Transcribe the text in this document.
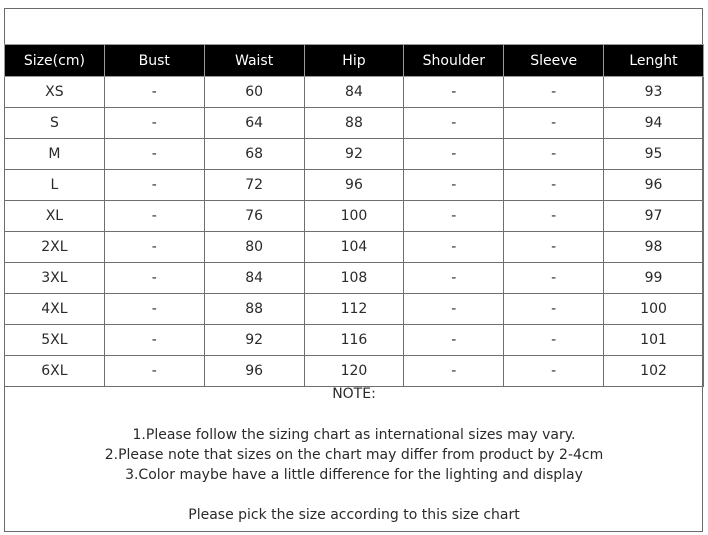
Size(cm)	Bust	Waist	Hip	Shoulder	Sleeve	Lenght
XS	-	60	84	-	-	93
S	-	64	88	-	-	94
M	-	68	92	-	-	95
L	-	72	96	-	-	96
XL	-	76	100	-	-	97
2XL	-	80	104	-	-	98
3XL	-	84	108	-	-	99
4XL	-	88	112	-	-	100
5XL	-	92	116	-	-	101
6XL	-	96	120	-	-	102
NOTE:
1.Please follow the sizing chart as international sizes may vary.
2.Please note that sizes on the chart may differ from product by 2-4cm
3.Color maybe have a little difference for the lighting and display
Please pick the size according to this size chart
